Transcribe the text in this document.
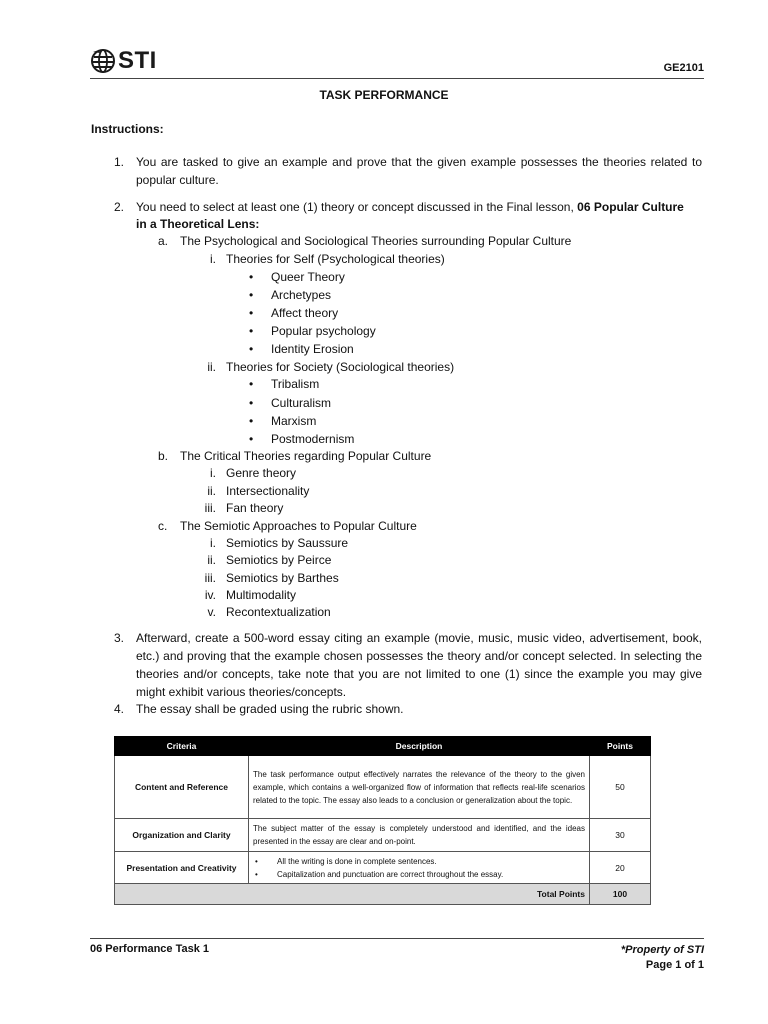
STI	GE2101
TASK PERFORMANCE
Instructions:
1. You are tasked to give an example and prove that the given example possesses the theories related to popular culture.
2. You need to select at least one (1) theory or concept discussed in the Final lesson, 06 Popular Culture
in a Theoretical Lens:
a. The Psychological and Sociological Theories surrounding Popular Culture
i. Theories for Self (Psychological theories)
• Queer Theory
• Archetypes
• Affect theory
• Popular psychology
• Identity Erosion
ii. Theories for Society (Sociological theories)
• Tribalism
• Culturalism
• Marxism
• Postmodernism
b. The Critical Theories regarding Popular Culture
i. Genre theory
ii. Intersectionality
iii. Fan theory
c. The Semiotic Approaches to Popular Culture
i. Semiotics by Saussure
ii. Semiotics by Peirce
iii. Semiotics by Barthes
iv. Multimodality
v. Recontextualization
3. Afterward, create a 500-word essay citing an example (movie, music, music video, advertisement, book, etc.) and proving that the example chosen possesses the theory and/or concept selected. In selecting the theories and/or concepts, take note that you are not limited to one (1) since the example you may give might exhibit various theories/concepts.
4. The essay shall be graded using the rubric shown.
Criteria	Description	Points
Content and Reference	The task performance output effectively narrates the relevance of the theory to the given example, which contains a well-organized flow of information that reflects real-life scenarios related to the topic. The essay also leads to a conclusion or generalization about the topic.	50
Organization and Clarity	The subject matter of the essay is completely understood and identified, and the ideas presented in the essay are clear and on-point.	30
Presentation and Creativity	• All the writing is done in complete sentences.
• Capitalization and punctuation are correct throughout the essay.	20
Total Points		100
06 Performance Task 1	*Property of STI
Page 1 of 1
